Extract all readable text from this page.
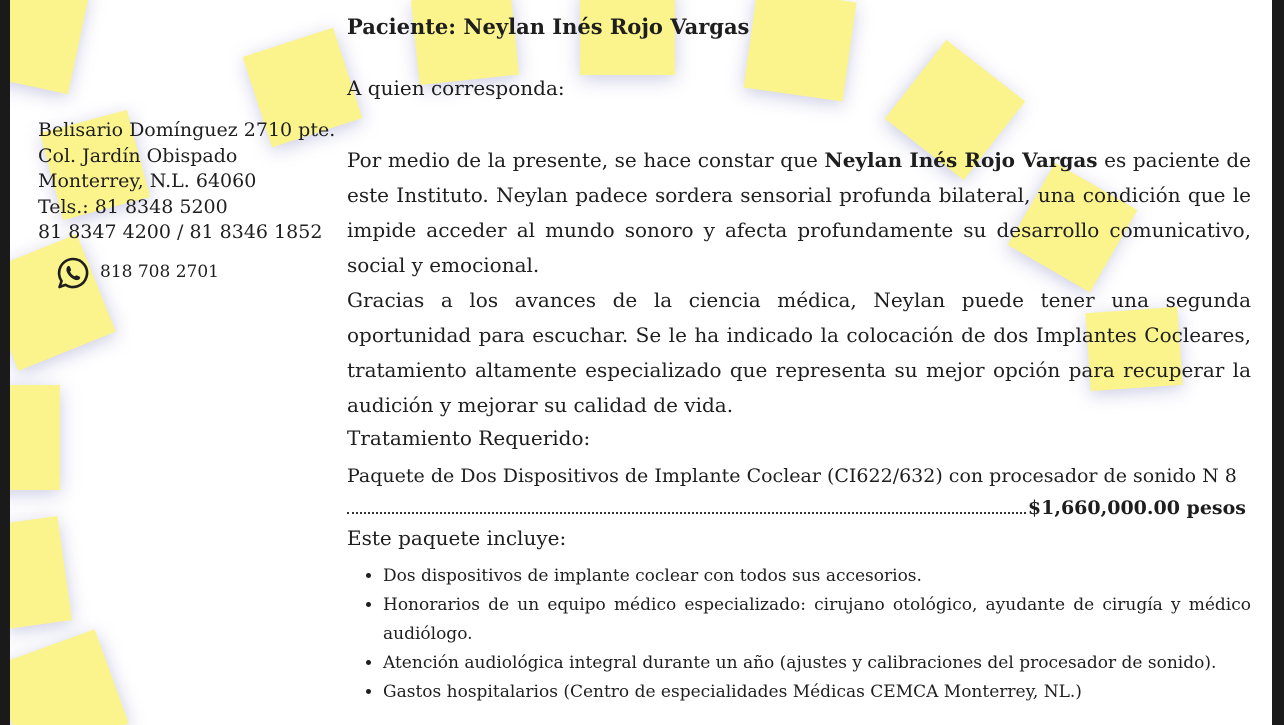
Belisario Domínguez 2710 pte.
Col. Jardín Obispado
Monterrey, N.L. 64060
Tels.: 81 8348 5200
81 8347 4200 / 81 8346 1852
818 708 2701
Paciente: Neylan Inés Rojo Vargas
A quien corresponda:
Por medio de la presente, se hace constar que Neylan Inés Rojo Vargas es paciente de este Instituto. Neylan padece sordera sensorial profunda bilateral, una condición que le impide acceder al mundo sonoro y afecta profundamente su desarrollo comunicativo, social y emocional.
Gracias a los avances de la ciencia médica, Neylan puede tener una segunda oportunidad para escuchar. Se le ha indicado la colocación de dos Implantes Cocleares, tratamiento altamente especializado que representa su mejor opción para recuperar la audición y mejorar su calidad de vida.
Tratamiento Requerido:
Paquete de Dos Dispositivos de Implante Coclear (CI622/632) con procesador de sonido N 8
$1,660,000.00 pesos
Este paquete incluye:
• Dos dispositivos de implante coclear con todos sus accesorios.
• Honorarios de un equipo médico especializado: cirujano otológico, ayudante de cirugía y médico audiólogo.
• Atención audiológica integral durante un año (ajustes y calibraciones del procesador de sonido).
• Gastos hospitalarios (Centro de especialidades Médicas CEMCA Monterrey, NL.)
